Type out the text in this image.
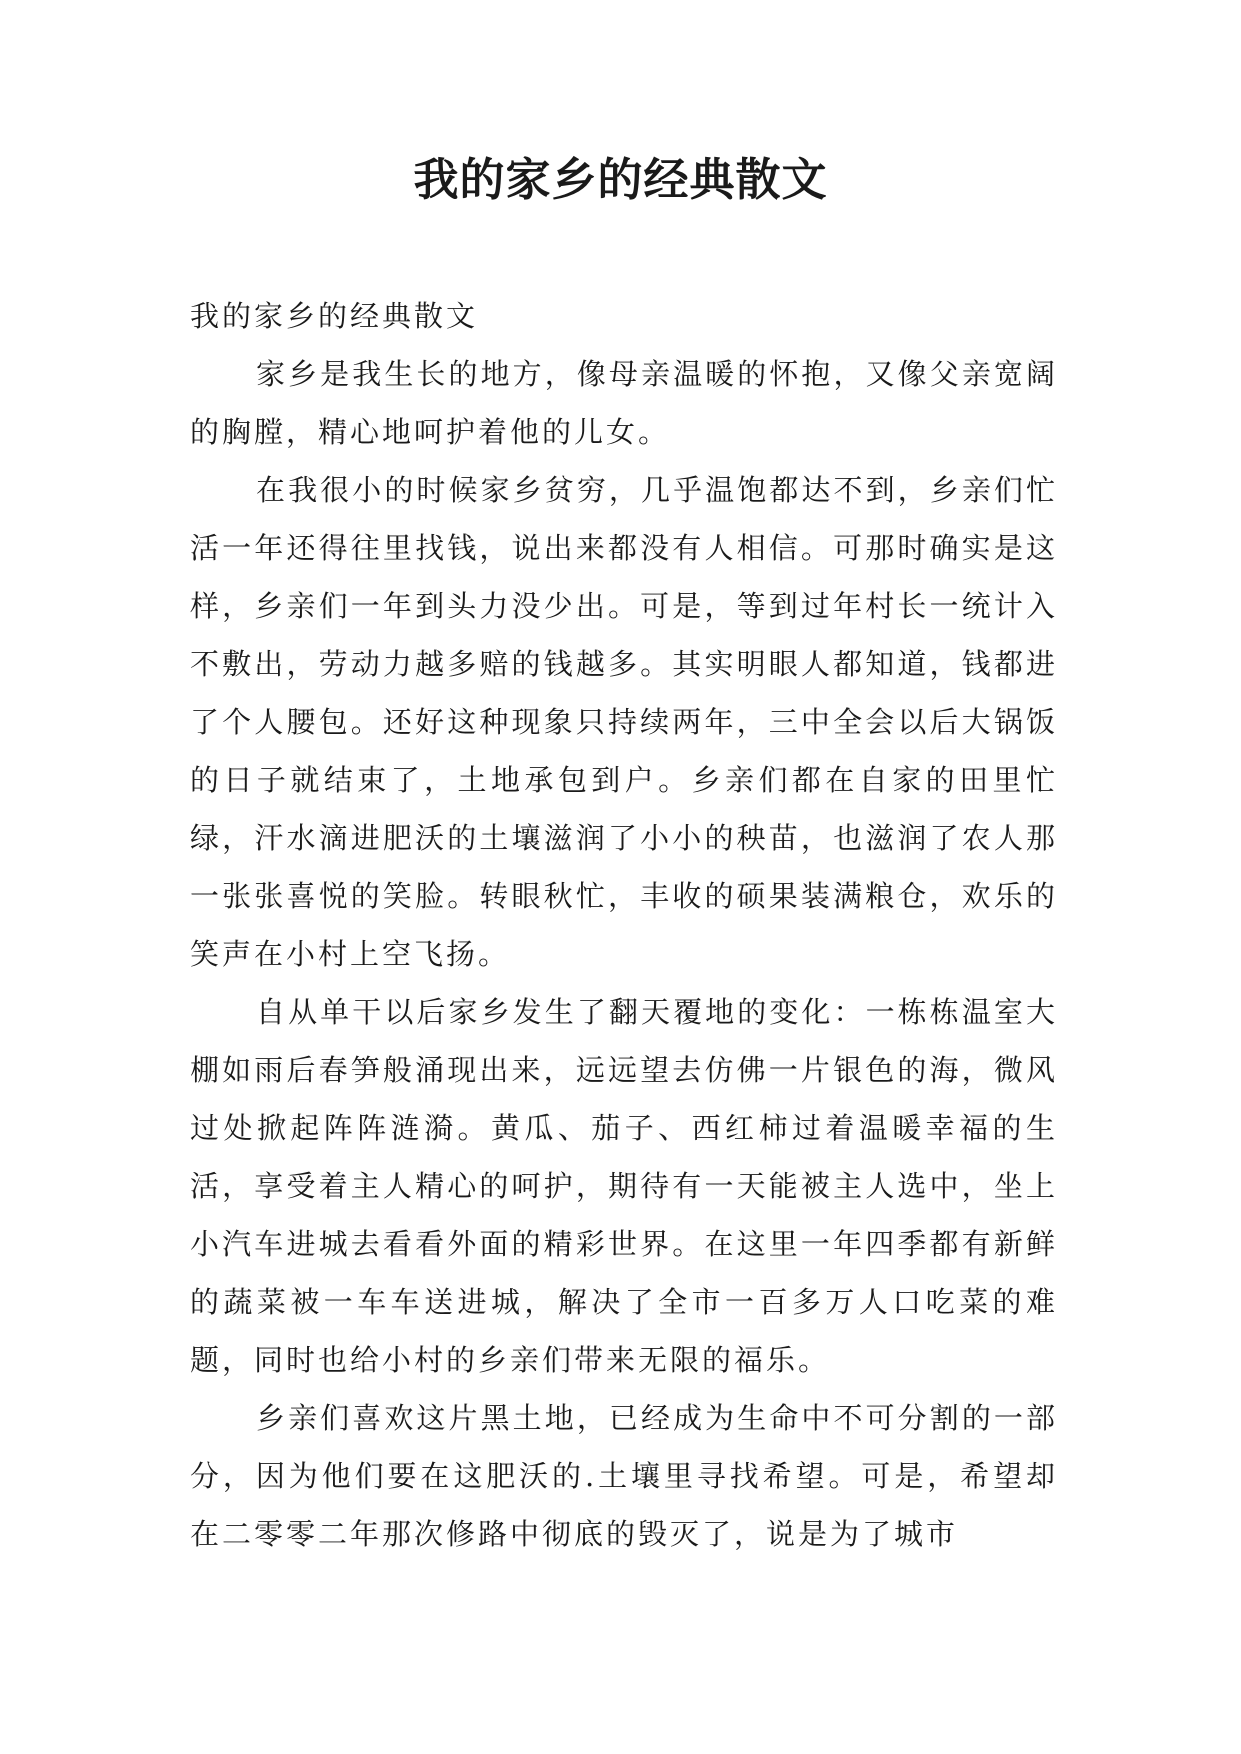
我的家乡的经典散文

我的家乡的经典散文

家乡是我生长的地方，像母亲温暖的怀抱，又像父亲宽阔的胸膛，精心地呵护着他的儿女。

在我很小的时候家乡贫穷，几乎温饱都达不到，乡亲们忙活一年还得往里找钱，说出来都没有人相信。可那时确实是这样，乡亲们一年到头力没少出。可是，等到过年村长一统计入不敷出，劳动力越多赔的钱越多。其实明眼人都知道，钱都进了个人腰包。还好这种现象只持续两年，三中全会以后大锅饭的日子就结束了，土地承包到户。乡亲们都在自家的田里忙绿，汗水滴进肥沃的土壤滋润了小小的秧苗，也滋润了农人那一张张喜悦的笑脸。转眼秋忙，丰收的硕果装满粮仓，欢乐的笑声在小村上空飞扬。

自从单干以后家乡发生了翻天覆地的变化：一栋栋温室大棚如雨后春笋般涌现出来，远远望去仿佛一片银色的海，微风过处掀起阵阵涟漪。黄瓜、茄子、西红柿过着温暖幸福的生活，享受着主人精心的呵护，期待有一天能被主人选中，坐上小汽车进城去看看外面的精彩世界。在这里一年四季都有新鲜的蔬菜被一车车送进城，解决了全市一百多万人口吃菜的难题，同时也给小村的乡亲们带来无限的福乐。

乡亲们喜欢这片黑土地，已经成为生命中不可分割的一部分，因为他们要在这肥沃的.土壤里寻找希望。可是，希望却在二零零二年那次修路中彻底的毁灭了，说是为了城市
